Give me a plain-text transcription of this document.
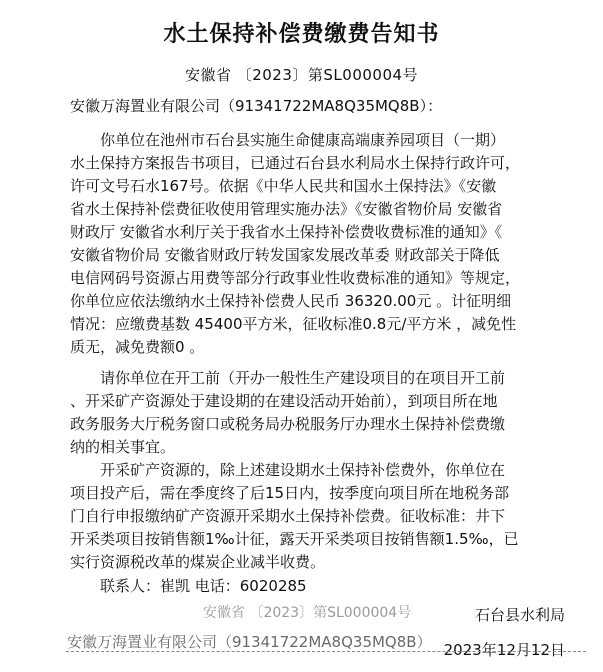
水土保持补偿费缴费告知书
安徽省 〔2023〕第SL000004号
安徽万海置业有限公司（91341722MA8Q35MQ8B）：
你单位在池州市石台县实施生命健康高端康养园项目（一期）
水土保持方案报告书项目，已通过石台县水利局水土保持行政许可，
许可文号石水167号。依据《中华人民共和国水土保持法》《安徽
省水土保持补偿费征收使用管理实施办法》《安徽省物价局 安徽省
财政厅 安徽省水利厅关于我省水土保持补偿费收费标准的通知》《
安徽省物价局 安徽省财政厅转发国家发展改革委 财政部关于降低
电信网码号资源占用费等部分行政事业性收费标准的通知》等规定，
你单位应依法缴纳水土保持补偿费人民币 36320.00元 。计征明细
情况：应缴费基数 45400平方米，征收标准0.8元/平方米 ，减免性
质无，减免费额0 。
请你单位在开工前（开办一般性生产建设项目的在项目开工前
、开采矿产资源处于建设期的在建设活动开始前），到项目所在地
政务服务大厅税务窗口或税务局办税服务厅办理水土保持补偿费缴
纳的相关事宜。
开采矿产资源的，除上述建设期水土保持补偿费外，你单位在
项目投产后，需在季度终了后15日内，按季度向项目所在地税务部
门自行申报缴纳矿产资源开采期水土保持补偿费。征收标准：井下
开采类项目按销售额1‰计征，露天开采类项目按销售额1.5‰，已
实行资源税改革的煤炭企业减半收费。
联系人：崔凯 电话：6020285
安徽省 〔2023〕第SL000004号	石台县水利局
2023年12月12日
安徽万海置业有限公司（91341722MA8Q35MQ8B）
